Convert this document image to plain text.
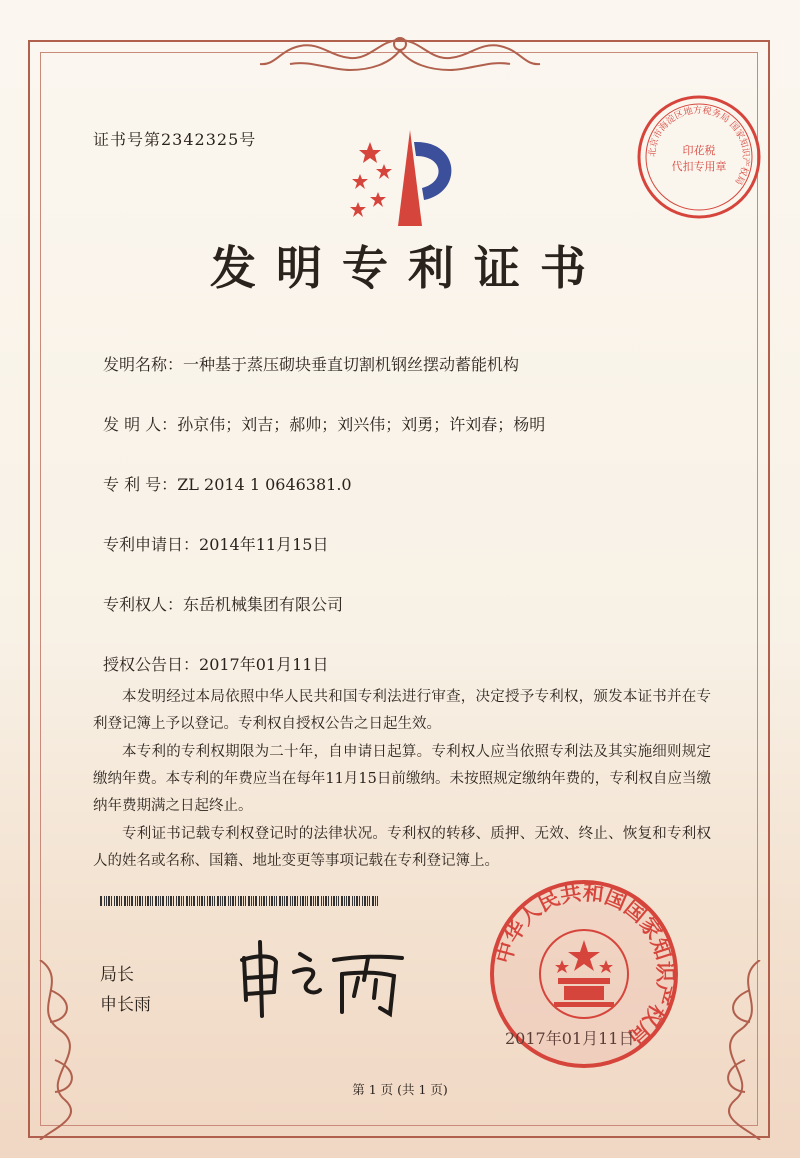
证书号第2342325号
北京市海淀区地方税务局 国家知识产权局
印花税
代扣专用章
发明专利证书
发明名称：一种基于蒸压砌块垂直切割机钢丝摆动蓄能机构
发 明 人：孙京伟；刘吉；郝帅；刘兴伟；刘勇；许刘春；杨明
专 利 号：ZL 2014 1 0646381.0
专利申请日：2014年11月15日
专利权人：东岳机械集团有限公司
授权公告日：2017年01月11日
本发明经过本局依照中华人民共和国专利法进行审查，决定授予专利权，颁发本证书并在专利登记簿上予以登记。专利权自授权公告之日起生效。
本专利的专利权期限为二十年，自申请日起算。专利权人应当依照专利法及其实施细则规定缴纳年费。本专利的年费应当在每年11月15日前缴纳。未按照规定缴纳年费的，专利权自应当缴纳年费期满之日起终止。
专利证书记载专利权登记时的法律状况。专利权的转移、质押、无效、终止、恢复和专利权人的姓名或名称、国籍、地址变更等事项记载在专利登记簿上。
局长
申长雨
中华人民共和国国家知识产权局
2017年01月11日
第 1 页 (共 1 页)
